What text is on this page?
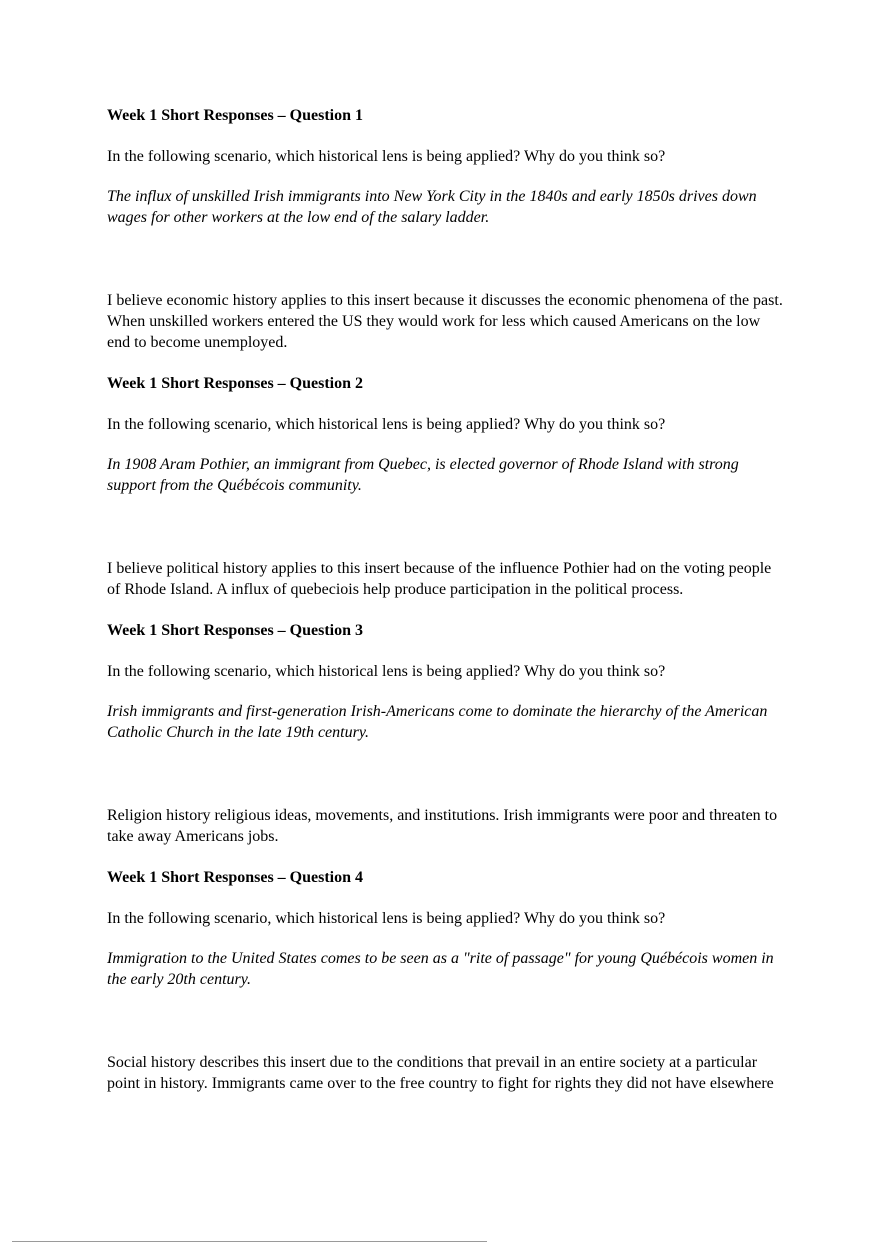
Week 1 Short Responses – Question 1

In the following scenario, which historical lens is being applied? Why do you think so?

The influx of unskilled Irish immigrants into New York City in the 1840s and early 1850s drives down wages for other workers at the low end of the salary ladder.

I believe economic history applies to this insert because it discusses the economic phenomena of the past. When unskilled workers entered the US they would work for less which caused Americans on the low end to become unemployed.

Week 1 Short Responses – Question 2

In the following scenario, which historical lens is being applied? Why do you think so?

In 1908 Aram Pothier, an immigrant from Quebec, is elected governor of Rhode Island with strong support from the Québécois community.

I believe political history applies to this insert because of the influence Pothier had on the voting people of Rhode Island. A influx of quebeciois help produce participation in the political process.

Week 1 Short Responses – Question 3

In the following scenario, which historical lens is being applied? Why do you think so?

Irish immigrants and first-generation Irish-Americans come to dominate the hierarchy of the American Catholic Church in the late 19th century.

Religion history religious ideas, movements, and institutions. Irish immigrants were poor and threaten to take away Americans jobs.

Week 1 Short Responses – Question 4

In the following scenario, which historical lens is being applied? Why do you think so?

Immigration to the United States comes to be seen as a "rite of passage" for young Québécois women in the early 20th century.

Social history describes this insert due to the conditions that prevail in an entire society at a particular point in history. Immigrants came over to the free country to fight for rights they did not have elsewhere
